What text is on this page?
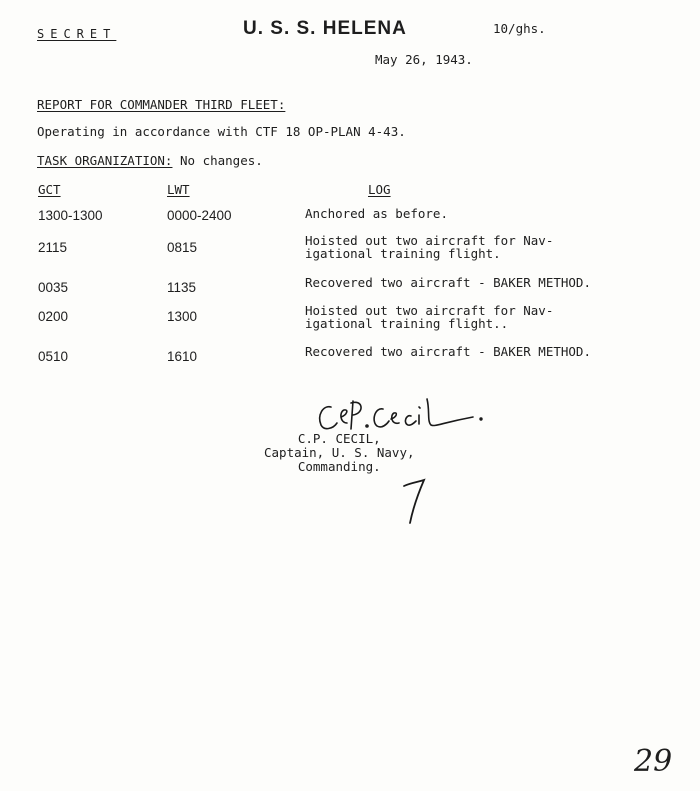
SECRET	U. S. S. HELENA	10/ghs.
May 26, 1943.
REPORT FOR COMMANDER THIRD FLEET:
Operating in accordance with CTF 18 OP-PLAN 4-43.
TASK ORGANIZATION: No changes.
GCT	LWT	LOG
1300-1300	0000-2400	Anchored as before.
2115	0815	Hoisted out two aircraft for Nav- igational training flight.
0035	1135	Recovered two aircraft - BAKER METHOD.
0200	1300	Hoisted out two aircraft for Nav- igational training flight..
0510	1610	Recovered two aircraft - BAKER METHOD.
C.P. CECIL,
Captain, U. S. Navy,
Commanding.
29
